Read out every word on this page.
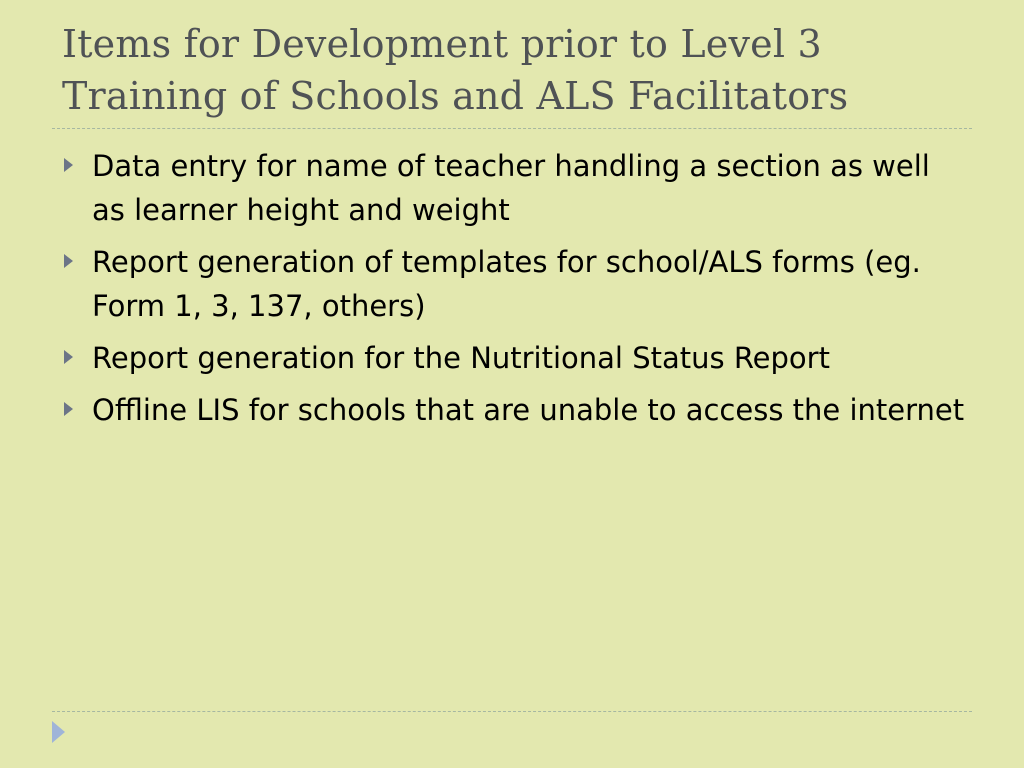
Items for Development prior to Level 3
Training of Schools and ALS Facilitators
Data entry for name of teacher handling a section as well as learner height and weight
Report generation of templates for school/ALS forms (eg. Form 1, 3, 137, others)
Report generation for the Nutritional Status Report
Offline LIS for schools that are unable to access the internet
